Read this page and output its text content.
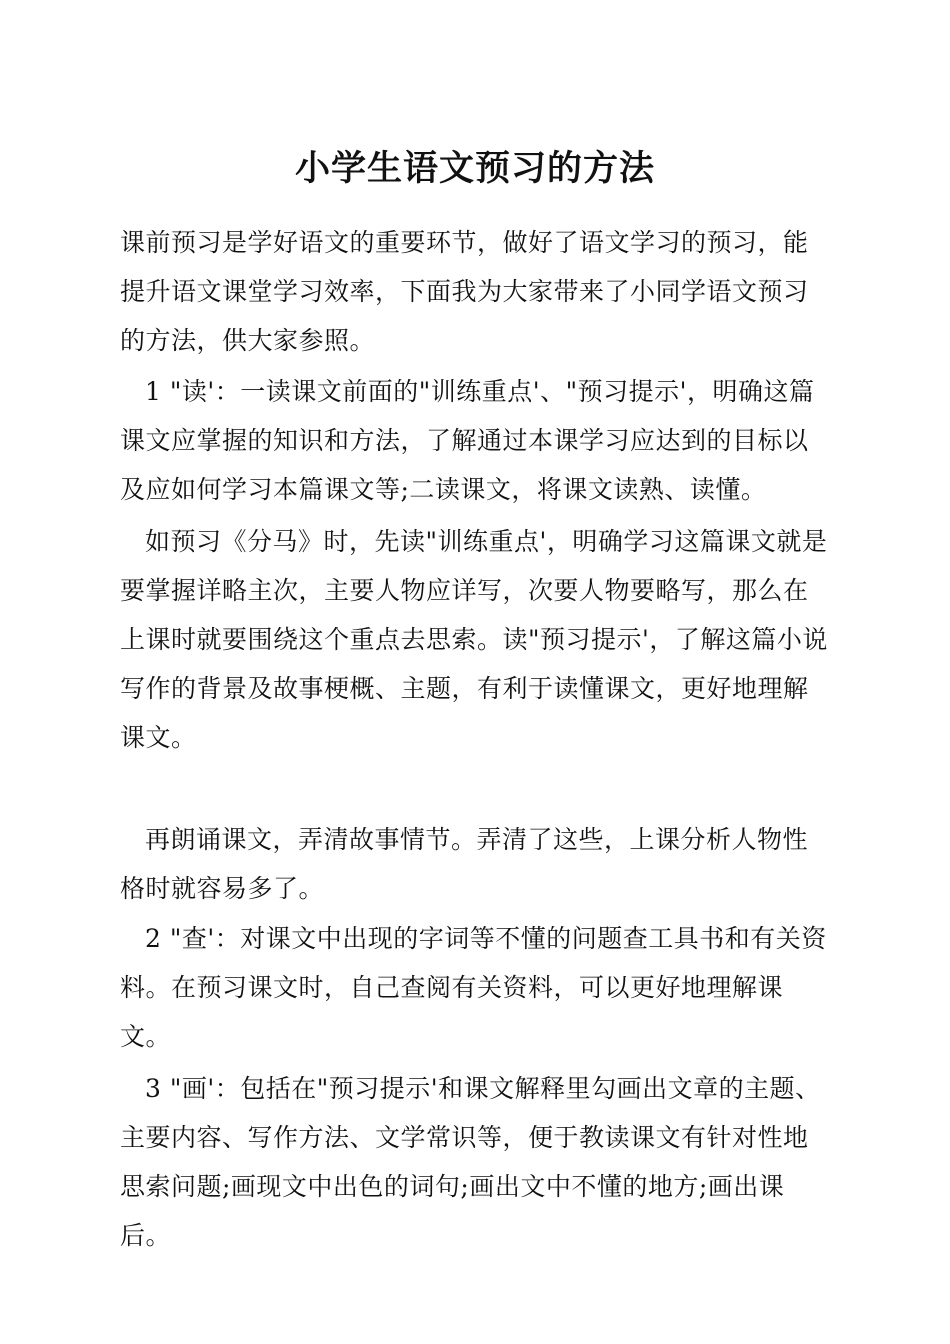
小学生语文预习的方法

课前预习是学好语文的重要环节，做好了语文学习的预习，能提升语文课堂学习效率，下面我为大家带来了小同学语文预习的方法，供大家参照。

1 "读'：一读课文前面的"训练重点'、"预习提示'，明确这篇课文应掌握的知识和方法，了解通过本课学习应达到的目标以及应如何学习本篇课文等;二读课文，将课文读熟、读懂。

如预习《分马》时，先读"训练重点'，明确学习这篇课文就是要掌握详略主次，主要人物应详写，次要人物要略写，那么在上课时就要围绕这个重点去思索。读"预习提示'，了解这篇小说写作的背景及故事梗概、主题，有利于读懂课文，更好地理解课文。

再朗诵课文，弄清故事情节。弄清了这些，上课分析人物性格时就容易多了。

2 "查'：对课文中出现的字词等不懂的问题查工具书和有关资料。在预习课文时，自己查阅有关资料，可以更好地理解课文。

3 "画'：包括在"预习提示'和课文解释里勾画出文章的主题、主要内容、写作方法、文学常识等，便于教读课文有针对性地思索问题;画现文中出色的词句;画出文中不懂的地方;画出课后。
